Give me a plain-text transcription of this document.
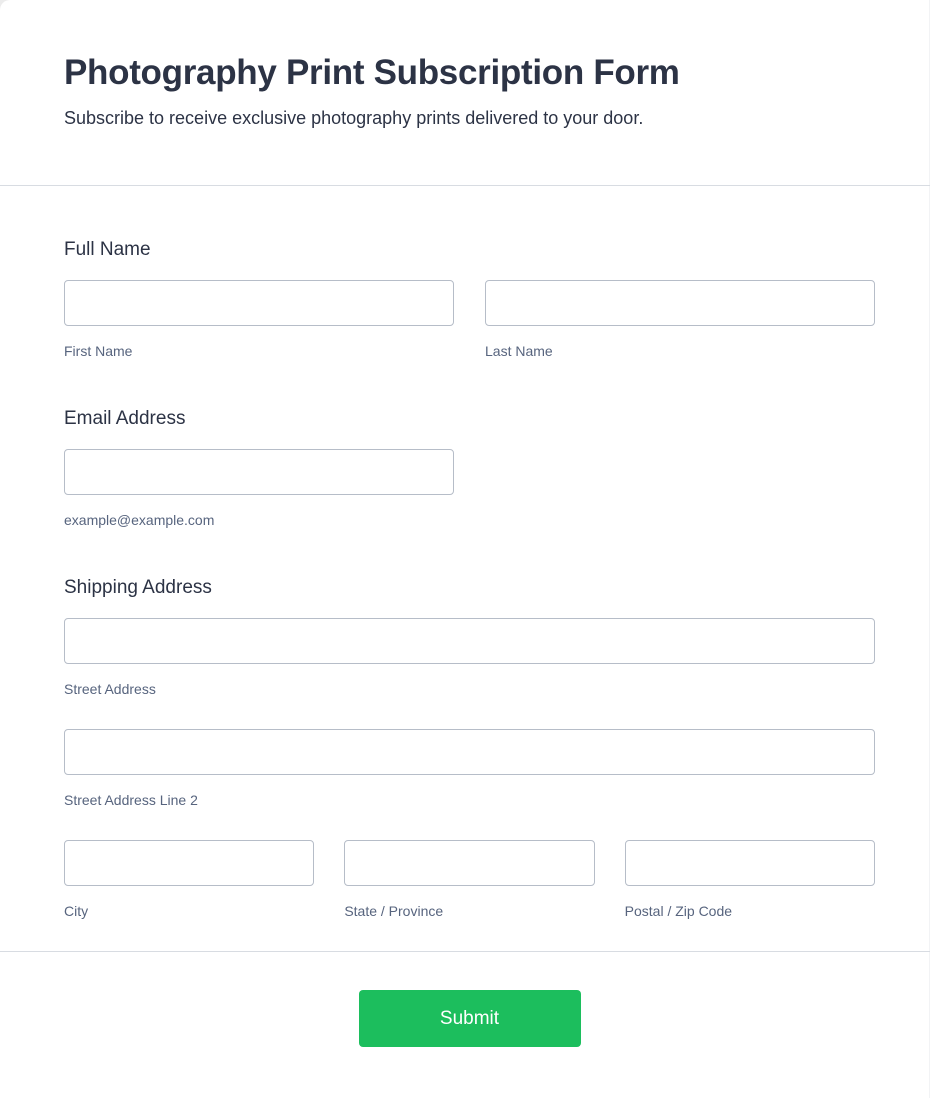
Photography Print Subscription Form

Subscribe to receive exclusive photography prints delivered to your door.

Full Name
First Name	Last Name
Email Address
example@example.com
Shipping Address
Street Address
Street Address Line 2
City	State / Province	Postal / Zip Code
Submit
